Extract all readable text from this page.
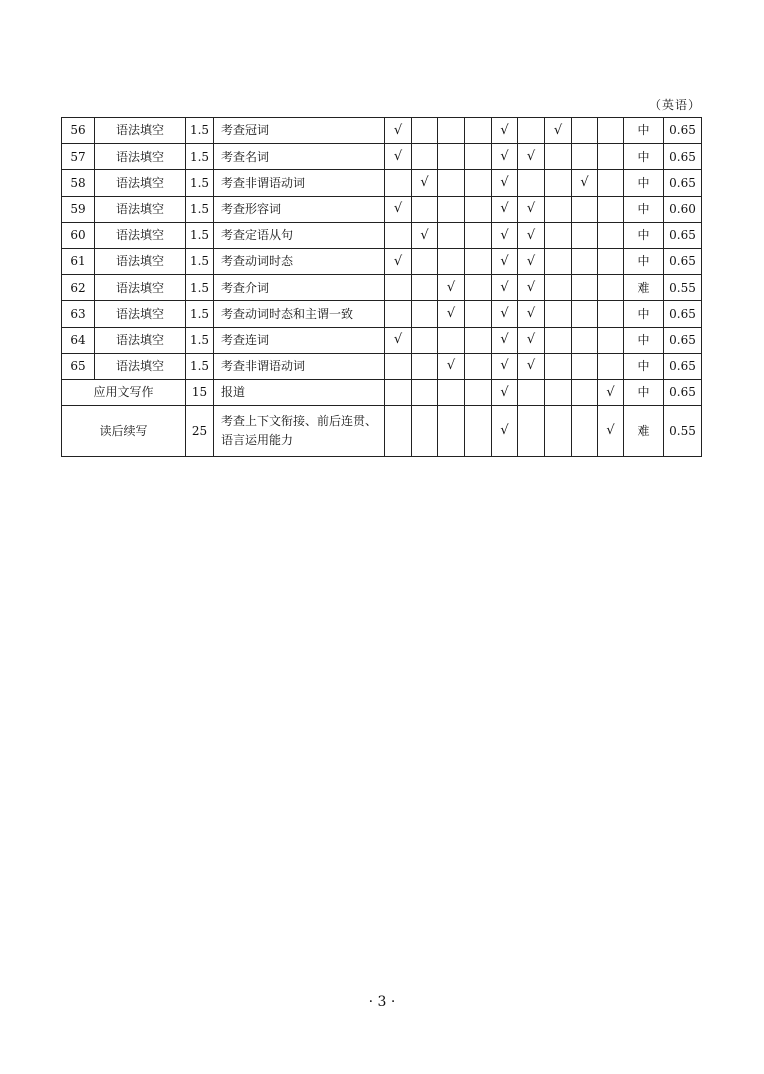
（英语）
56	语法填空	1.5	考查冠词	√				√		√			中	0.65
57	语法填空	1.5	考查名词	√				√	√				中	0.65
58	语法填空	1.5	考查非谓语动词		√			√			√		中	0.65
59	语法填空	1.5	考查形容词	√				√	√				中	0.60
60	语法填空	1.5	考查定语从句		√			√	√				中	0.65
61	语法填空	1.5	考查动词时态	√				√	√				中	0.65
62	语法填空	1.5	考查介词			√		√	√				难	0.55
63	语法填空	1.5	考查动词时态和主谓一致			√		√	√				中	0.65
64	语法填空	1.5	考查连词	√				√	√				中	0.65
65	语法填空	1.5	考查非谓语动词			√		√	√				中	0.65
应用文写作		15	报道					√				√	中	0.65
读后续写		25	考查上下文衔接、前后连贯、语言运用能力					√				√	难	0.55
· 3 ·
